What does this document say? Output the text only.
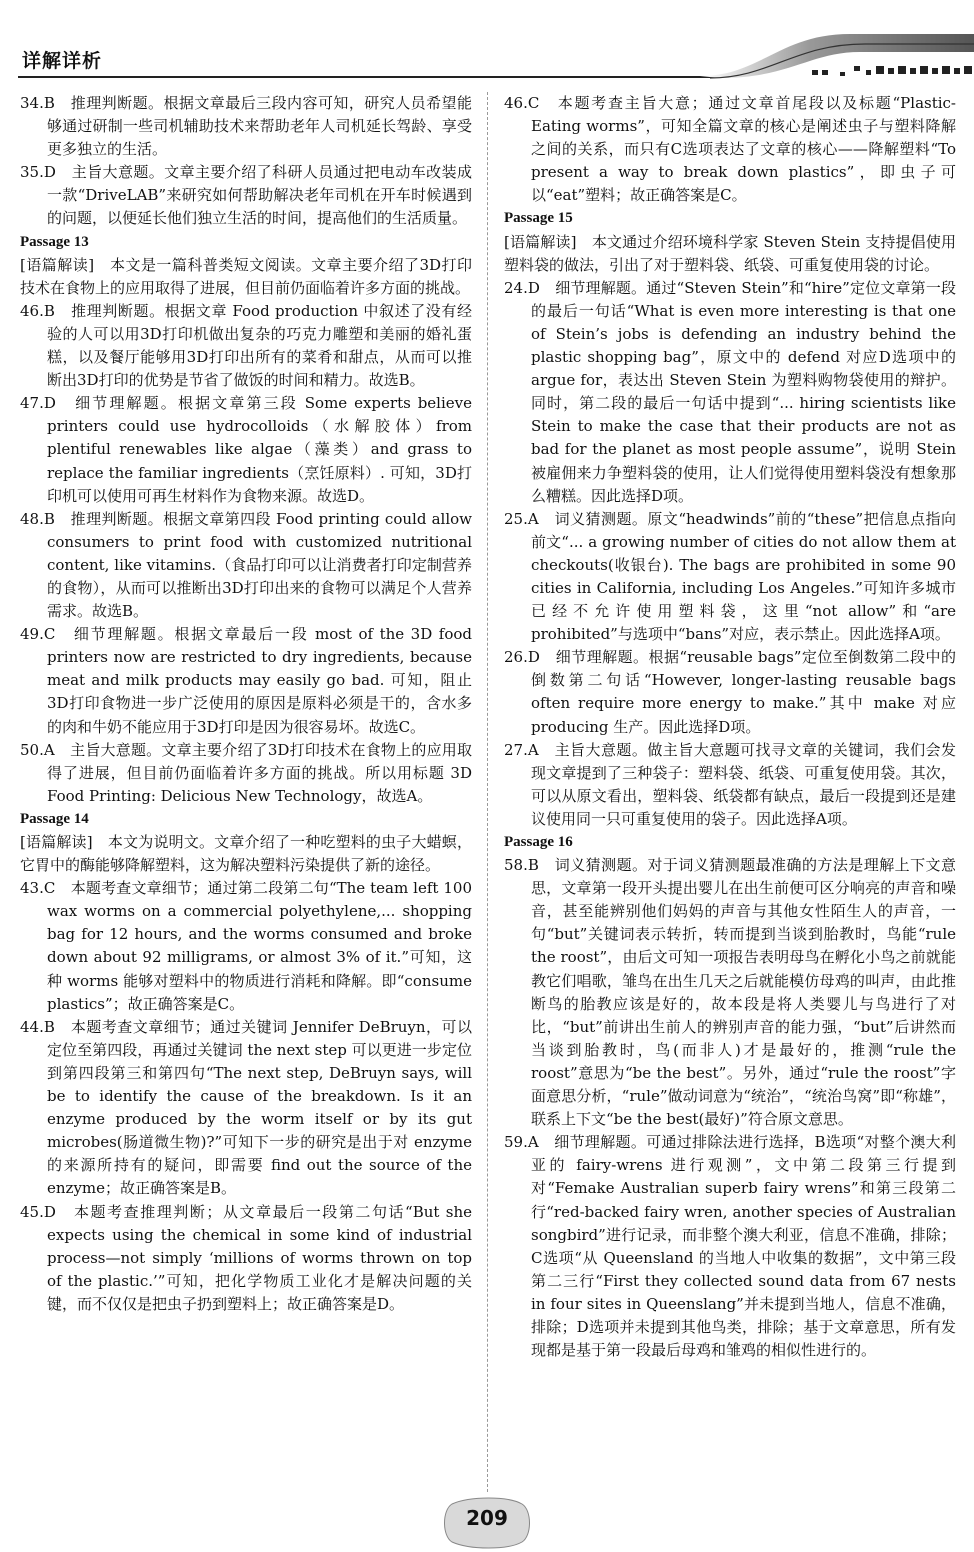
详解详析

34.B　推理判断题。根据文章最后三段内容可知，研究人员希望能够通过研制一些司机辅助技术来帮助老年人司机延长驾龄、享受更多独立的生活。

35.D　主旨大意题。文章主要介绍了科研人员通过把电动车改装成一款“DriveLAB”来研究如何帮助解决老年司机在开车时候遇到的问题，以便延长他们独立生活的时间，提高他们的生活质量。

Passage 13

[语篇解读]　本文是一篇科普类短文阅读。文章主要介绍了3D打印技术在食物上的应用取得了进展，但目前仍面临着许多方面的挑战。

46.B　推理判断题。根据文章 Food production 中叙述了没有经验的人可以用3D打印机做出复杂的巧克力雕塑和美丽的婚礼蛋糕，以及餐厅能够用3D打印出所有的菜肴和甜点，从而可以推断出3D打印的优势是节省了做饭的时间和精力。故选B。

47.D　细节理解题。根据文章第三段 Some experts believe printers could use hydrocolloids（水解胶体）from plentiful renewables like algae（藻类）and grass to replace the familiar ingredients（烹饪原料）. 可知，3D打印机可以使用可再生材料作为食物来源。故选D。

48.B　推理判断题。根据文章第四段 Food printing could allow consumers to print food with customized nutritional content, like vitamins.（食品打印可以让消费者打印定制营养的食物），从而可以推断出3D打印出来的食物可以满足个人营养需求。故选B。

49.C　细节理解题。根据文章最后一段 most of the 3D food printers now are restricted to dry ingredients, because meat and milk products may easily go bad. 可知，阻止3D打印食物进一步广泛使用的原因是原料必须是干的，含水多的肉和牛奶不能应用于3D打印是因为很容易坏。故选C。

50.A　主旨大意题。文章主要介绍了3D打印技术在食物上的应用取得了进展，但目前仍面临着许多方面的挑战。所以用标题 3D Food Printing: Delicious New Technology，故选A。

Passage 14

[语篇解读]　本文为说明文。文章介绍了一种吃塑料的虫子大蜡螟，它胃中的酶能够降解塑料，这为解决塑料污染提供了新的途径。

43.C　本题考查文章细节；通过第二段第二句“The team left 100 wax worms on a commercial polyethylene,... shopping bag for 12 hours, and the worms consumed and broke down about 92 milligrams, or almost 3% of it.”可知，这种 worms 能够对塑料中的物质进行消耗和降解。即“consume plastics”；故正确答案是C。

44.B　本题考查文章细节；通过关键词 Jennifer DeBruyn，可以定位至第四段，再通过关键词 the next step 可以更进一步定位到第四段第三和第四句“The next step, DeBruyn says, will be to identify the cause of the breakdown. Is it an enzyme produced by the worm itself or by its gut microbes(肠道微生物)?”可知下一步的研究是出于对 enzyme 的来源所持有的疑问，即需要 find out the source of the enzyme；故正确答案是B。

45.D　本题考查推理判断；从文章最后一段第二句话“But she expects using the chemical in some kind of industrial process—not simply ‘millions of worms thrown on top of the plastic.’”可知，把化学物质工业化才是解决问题的关键，而不仅仅是把虫子扔到塑料上；故正确答案是D。

46.C　本题考查主旨大意；通过文章首尾段以及标题“Plastic-Eating worms”，可知全篇文章的核心是阐述虫子与塑料降解之间的关系，而只有C选项表达了文章的核心——降解塑料“To present a way to break down plastics”，即虫子可以“eat”塑料；故正确答案是C。

Passage 15

[语篇解读]　本文通过介绍环境科学家 Steven Stein 支持提倡使用塑料袋的做法，引出了对于塑料袋、纸袋、可重复使用袋的讨论。

24.D　细节理解题。通过“Steven Stein”和“hire”定位文章第一段的最后一句话“What is even more interesting is that one of Stein’s jobs is defending an industry behind the plastic shopping bag”，原文中的 defend 对应D选项中的 argue for，表达出 Steven Stein 为塑料购物袋使用的辩护。同时，第二段的最后一句话中提到“... hiring scientists like Stein to make the case that their products are not as bad for the planet as most people assume”，说明 Stein 被雇佣来力争塑料袋的使用，让人们觉得使用塑料袋没有想象那么糟糕。因此选择D项。

25.A　词义猜测题。原文“headwinds”前的“these”把信息点指向前文“... a growing number of cities do not allow them at checkouts(收银台). The bags are prohibited in some 90 cities in California, including Los Angeles.”可知许多城市已经不允许使用塑料袋，这里“not allow”和“are prohibited”与选项中“bans”对应，表示禁止。因此选择A项。

26.D　细节理解题。根据“reusable bags”定位至倒数第二段中的倒数第二句话“However, longer-lasting reusable bags often require more energy to make.”其中 make 对应 producing 生产。因此选择D项。

27.A　主旨大意题。做主旨大意题可找寻文章的关键词，我们会发现文章提到了三种袋子：塑料袋、纸袋、可重复使用袋。其次，可以从原文看出，塑料袋、纸袋都有缺点，最后一段提到还是建议使用同一只可重复使用的袋子。因此选择A项。

Passage 16

58.B　词义猜测题。对于词义猜测题最准确的方法是理解上下文意思，文章第一段开头提出婴儿在出生前便可区分响亮的声音和噪音，甚至能辨别他们妈妈的声音与其他女性陌生人的声音，一句“but”关键词表示转折，转而提到当谈到胎教时，鸟能“rule the roost”，由后文可知一项报告表明母鸟在孵化小鸟之前就能教它们唱歌，雏鸟在出生几天之后就能模仿母鸡的叫声，由此推断鸟的胎教应该是好的，故本段是将人类婴儿与鸟进行了对比，“but”前讲出生前人的辨别声音的能力强，“but”后讲然而当谈到胎教时，鸟(而非人)才是最好的，推测“rule the roost”意思为“be the best”。另外，通过“rule the roost”字面意思分析，“rule”做动词意为“统治”，“统治鸟窝”即“称雄”，联系上下文“be the best(最好)”符合原文意思。

59.A　细节理解题。可通过排除法进行选择，B选项“对整个澳大利亚的 fairy-wrens 进行观测”，文中第二段第三行提到对“Femake Australian superb fairy wrens”和第三段第二行“red-backed fairy wren, another species of Australian songbird”进行记录，而非整个澳大利亚，信息不准确，排除；C选项“从 Queensland 的当地人中收集的数据”，文中第三段第二三行“First they collected sound data from 67 nests in four sites in Queenslang”并未提到当地人，信息不准确，排除；D选项并未提到其他鸟类，排除；基于文章意思，所有发现都是基于第一段最后母鸡和雏鸡的相似性进行的。

209
